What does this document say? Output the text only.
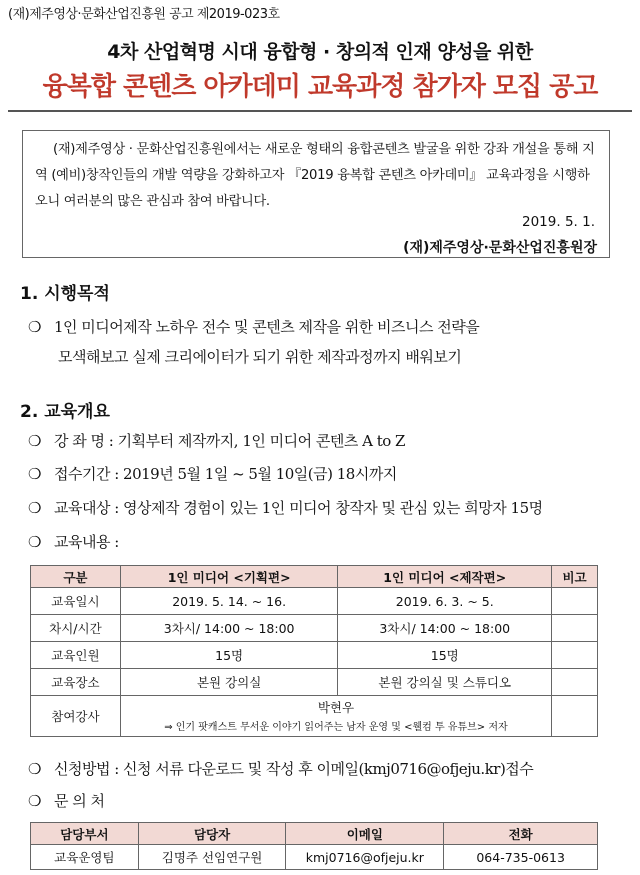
(재)제주영상·문화산업진흥원 공고 제2019-023호
4차 산업혁명 시대 융합형 · 창의적 인재 양성을 위한
융복합 콘텐츠 아카데미 교육과정 참가자 모집 공고
(재)제주영상 · 문화산업진흥원에서는 새로운 형태의 융합콘텐츠 발굴을 위한 강좌 개설을 통해 지역 (예비)창작인들의 개발 역량을 강화하고자 『2019 융복합 콘텐츠 아카데미』 교육과정을 시행하오니 여러분의 많은 관심과 참여 바랍니다.
2019. 5. 1.
(재)제주영상·문화산업진흥원장
1. 시행목적
❍ 1인 미디어제작 노하우 전수 및 콘텐츠 제작을 위한 비즈니스 전략을
모색해보고 실제 크리에이터가 되기 위한 제작과정까지 배워보기
2. 교육개요
❍ 강 좌 명 : 기획부터 제작까지, 1인 미디어 콘텐츠 A to Z
❍ 접수기간 : 2019년 5월 1일 ~ 5월 10일(금) 18시까지
❍ 교육대상 : 영상제작 경험이 있는 1인 미디어 창작자 및 관심 있는 희망자 15명
❍ 교육내용 :
구분	1인 미디어 <기획편>	1인 미디어 <제작편>	비고
교육일시	2019. 5. 14. ~ 16.	2019. 6. 3. ~ 5.	
차시/시간	3차시/ 14:00 ~ 18:00	3차시/ 14:00 ~ 18:00	
교육인원	15명	15명	
교육장소	본원 강의실	본원 강의실 및 스튜디오	
참여강사	박현우
⇒ 인기 팟캐스트 무서운 이야기 읽어주는 남자 운영 및 <웰컴 투 유튜브> 저자		

❍ 신청방법 : 신청 서류 다운로드 및 작성 후 이메일(kmj0716@ofjeju.kr)접수
❍ 문 의 처
담당부서	담당자	이메일	전화
교육운영팀	김명주 선임연구원	kmj0716@ofjeju.kr	064-735-0613
